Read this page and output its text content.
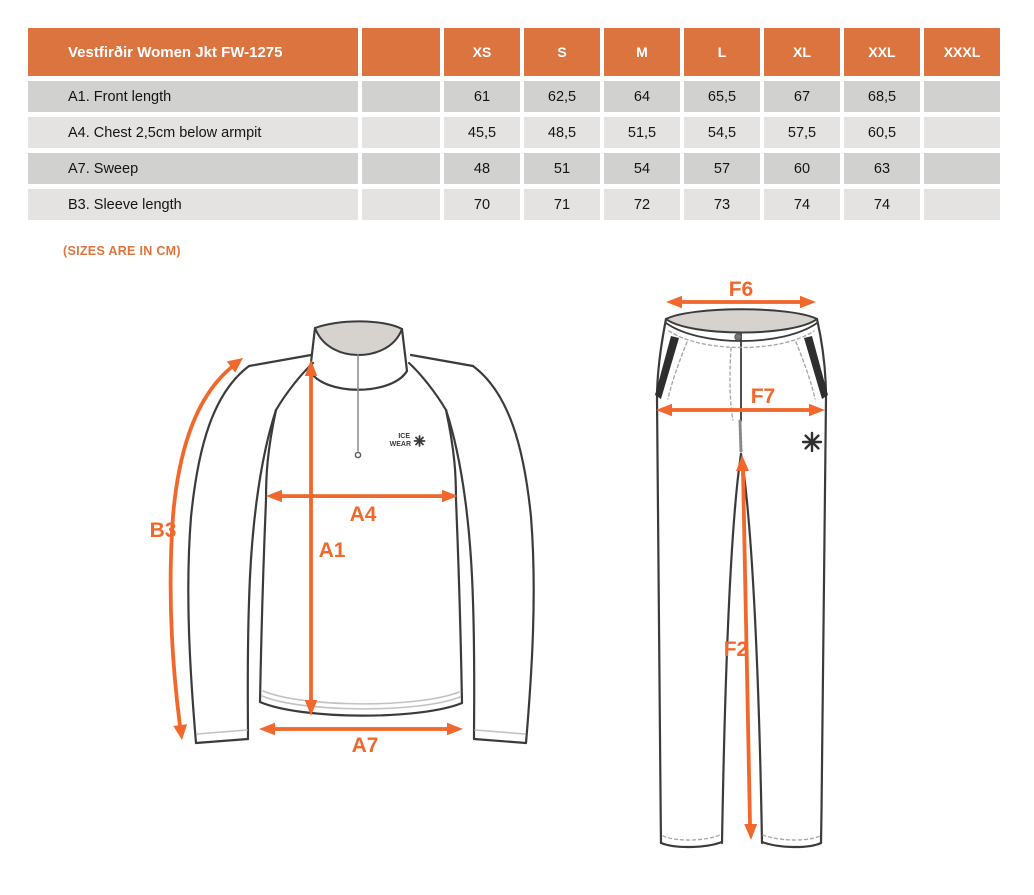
Vestfirðir Women Jkt FW-1275	XS	S	M	L	XL	XXL	XXXL
A1. Front length	61	62,5	64	65,5	67	68,5
A4. Chest 2,5cm below armpit	45,5	48,5	51,5	54,5	57,5	60,5
A7. Sweep	48	51	54	57	60	63
B3. Sleeve length	70	71	72	73	74	74
(SIZES ARE IN CM)
ICE
WEAR
B3
A4
A1
A7
F6
F7
F2
